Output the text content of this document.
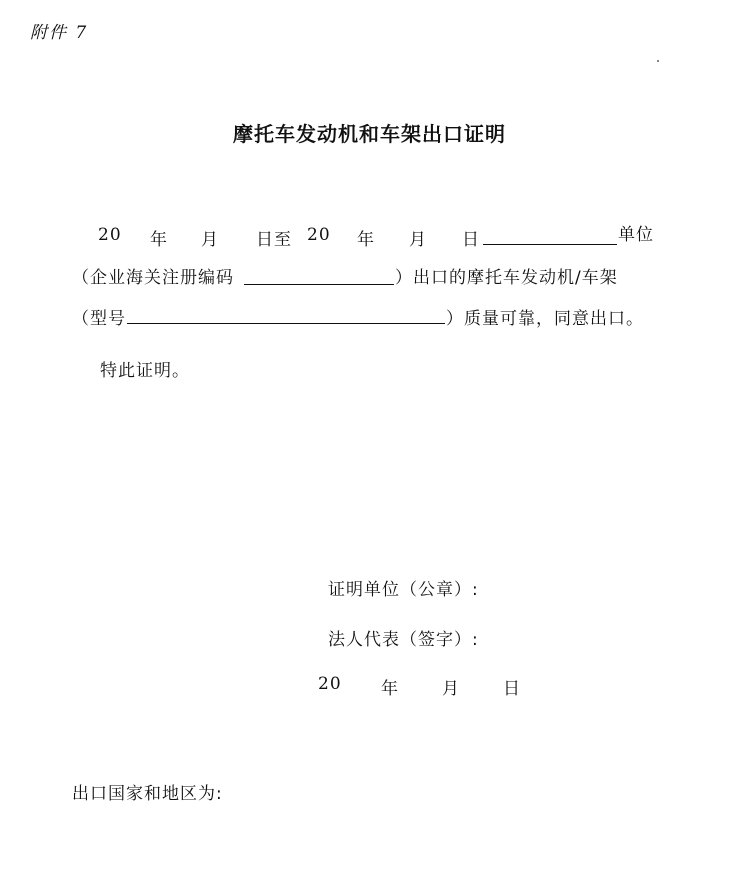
附件 7
摩托车发动机和车架出口证明
20 年 月 日至 20 年 月 日	单位
（企业海关注册编码	）出口的摩托车发动机/车架
（型号	）质量可靠，同意出口。
特此证明。
证明单位（公章）:
法人代表（签字）:
20 年	月	日
出口国家和地区为:
